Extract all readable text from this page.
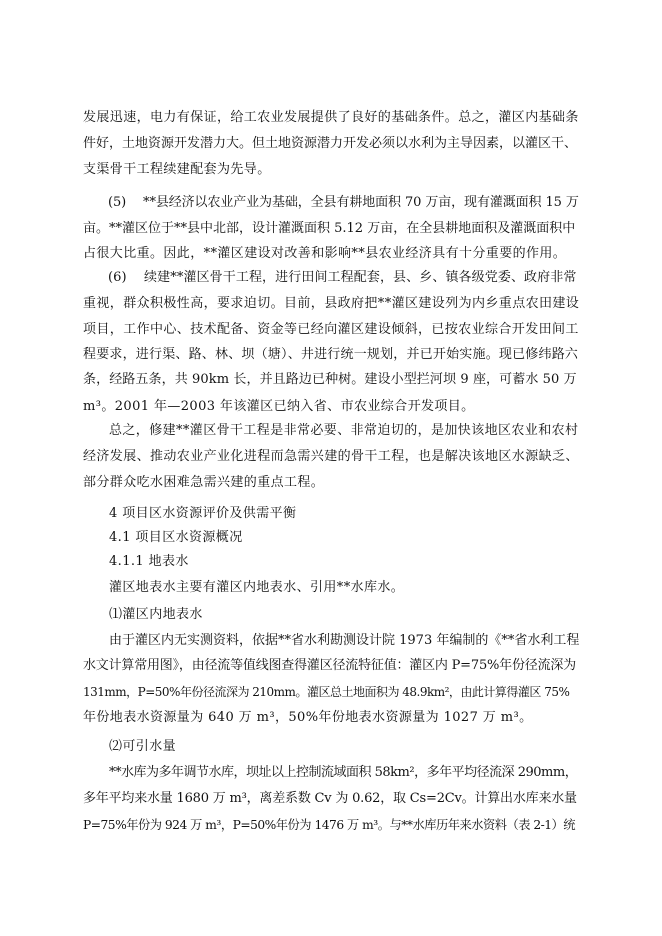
发展迅速，电力有保证，给工农业发展提供了良好的基础条件。总之，灌区内基础条
件好，土地资源开发潜力大。但土地资源潜力开发必须以水利为主导因素，以灌区干、
支渠骨干工程续建配套为先导。
(5)　 **县经济以农业产业为基础，全县有耕地面积 70 万亩，现有灌溉面积 15 万
亩。**灌区位于**县中北部，设计灌溉面积 5.12 万亩，在全县耕地面积及灌溉面积中
占很大比重。因此，**灌区建设对改善和影响**县农业经济具有十分重要的作用。
(6)　 续建**灌区骨干工程，进行田间工程配套，县、乡、镇各级党委、政府非常
重视，群众积极性高，要求迫切。目前，县政府把**灌区建设列为内乡重点农田建设
项目，工作中心、技术配备、资金等已经向灌区建设倾斜，已按农业综合开发田间工
程要求，进行渠、路、林、坝（塘）、井进行统一规划，并已开始实施。现已修纬路六
条，经路五条，共 90km 长，并且路边已种树。建设小型拦河坝 9 座，可蓄水 50 万
m³。2001 年—2003 年该灌区已纳入省、市农业综合开发项目。
总之，修建**灌区骨干工程是非常必要、非常迫切的，是加快该地区农业和农村
经济发展、推动农业产业化进程而急需兴建的骨干工程，也是解决该地区水源缺乏、
部分群众吃水困难急需兴建的重点工程。
4 项目区水资源评价及供需平衡
4.1 项目区水资源概况
4.1.1 地表水
灌区地表水主要有灌区内地表水、引用**水库水。
⑴灌区内地表水
由于灌区内无实测资料，依据**省水利勘测设计院 1973 年编制的《**省水利工程
水文计算常用图》，由径流等值线图查得灌区径流特征值：灌区内 P=75%年份径流深为
131mm，P=50%年份径流深为 210mm。灌区总土地面积为 48.9km²，由此计算得灌区 75%
年份地表水资源量为 640 万 m³，50%年份地表水资源量为 1027 万 m³。
⑵可引水量
**水库为多年调节水库，坝址以上控制流域面积 58km²，多年平均径流深 290mm，
多年平均来水量 1680 万 m³，离差系数 Cv 为 0.62，取 Cs=2Cv。计算出水库来水量
P=75%年份为 924 万 m³，P=50%年份为 1476 万 m³。与**水库历年来水资料（表 2-1）统
